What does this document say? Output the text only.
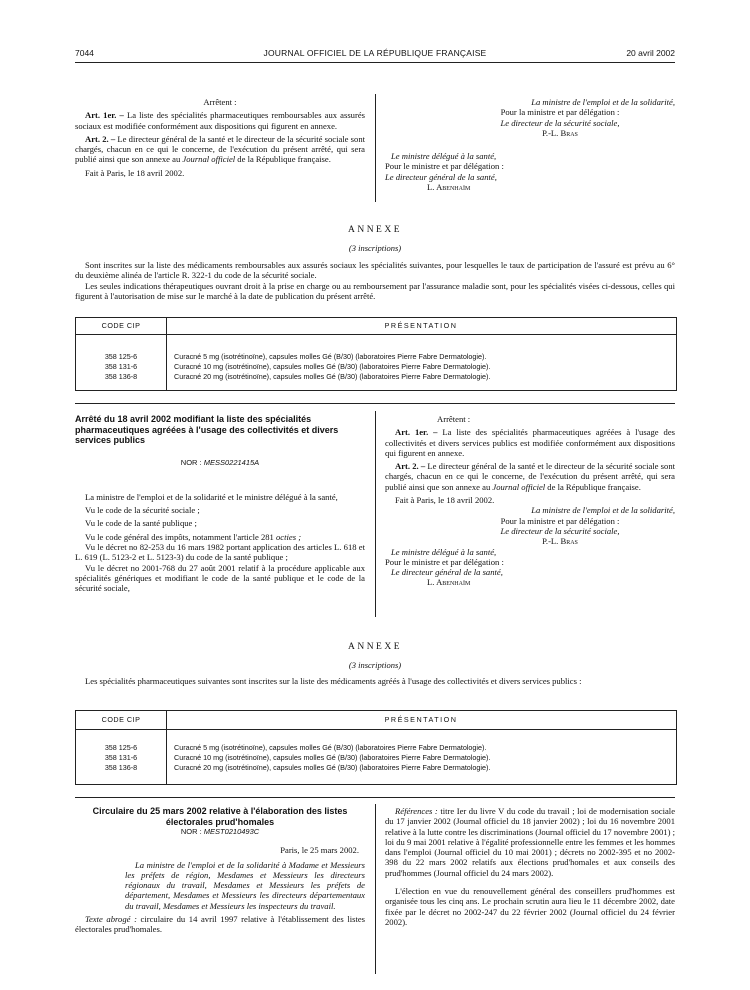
7044	JOURNAL OFFICIEL DE LA RÉPUBLIQUE FRANÇAISE	20 avril 2002

Arrêtent :

Art. 1er. – La liste des spécialités pharmaceutiques remboursables aux assurés sociaux est modifiée conformément aux dispositions qui figurent en annexe.

Art. 2. – Le directeur général de la santé et le directeur de la sécurité sociale sont chargés, chacun en ce qui le concerne, de l'exécution du présent arrêté, qui sera publié ainsi que son annexe au Journal officiel de la République française.

Fait à Paris, le 18 avril 2002.

La ministre de l'emploi et de la solidarité,

Pour la ministre et par délégation :

Le directeur de la sécurité sociale,

P.-L. Bras

Le ministre délégué à la santé,

Pour le ministre et par délégation :

Le directeur général de la santé,

L. Abenhaïm

ANNEXE
(3 inscriptions)

Sont inscrites sur la liste des médicaments remboursables aux assurés sociaux les spécialités suivantes, pour lesquelles le taux de participation de l'assuré est prévu au 6° du deuxième alinéa de l'article R. 322-1 du code de la sécurité sociale.

Les seules indications thérapeutiques ouvrant droit à la prise en charge ou au remboursement par l'assurance maladie sont, pour les spécialités visées ci-dessous, celles qui figurent à l'autorisation de mise sur le marché à la date de publication du présent arrêté.

CODE CIP	PRÉSENTATION
358 125-6	Curacné 5 mg (isotrétinoïne), capsules molles Gé (B/30) (laboratoires Pierre Fabre Dermatologie).
358 131-6	Curacné 10 mg (isotrétinoïne), capsules molles Gé (B/30) (laboratoires Pierre Fabre Dermatologie).
358 136-8	Curacné 20 mg (isotrétinoïne), capsules molles Gé (B/30) (laboratoires Pierre Fabre Dermatologie).
Arrêté du 18 avril 2002 modifiant la liste des spécialités pharmaceutiques agréées à l'usage des collectivités et divers services publics
NOR : MESS0221415A

La ministre de l'emploi et de la solidarité et le ministre délégué à la santé,

Vu le code de la sécurité sociale ;

Vu le code de la santé publique ;

Vu le code général des impôts, notamment l'article 281 octies ;

Vu le décret no 82-253 du 16 mars 1982 portant application des articles L. 618 et L. 619 (L. 5123-2 et L. 5123-3) du code de la santé publique ;

Vu le décret no 2001-768 du 27 août 2001 relatif à la procédure applicable aux spécialités génériques et modifiant le code de la santé publique et le code de la sécurité sociale,

Arrêtent :

Art. 1er. – La liste des spécialités pharmaceutiques agréées à l'usage des collectivités et divers services publics est modifiée conformément aux dispositions qui figurent en annexe.

Art. 2. – Le directeur général de la santé et le directeur de la sécurité sociale sont chargés, chacun en ce qui le concerne, de l'exécution du présent arrêté, qui sera publié ainsi que son annexe au Journal officiel de la République française.

Fait à Paris, le 18 avril 2002.

La ministre de l'emploi et de la solidarité,

Pour la ministre et par délégation :

Le directeur de la sécurité sociale,

P.-L. Bras

Le ministre délégué à la santé,

Pour le ministre et par délégation :

Le directeur général de la santé,

L. Abenhaïm

ANNEXE
(3 inscriptions)

Les spécialités pharmaceutiques suivantes sont inscrites sur la liste des médicaments agréés à l'usage des collectivités et divers services publics :

CODE CIP	PRÉSENTATION
358 125-6	Curacné 5 mg (isotrétinoïne), capsules molles Gé (B/30) (laboratoires Pierre Fabre Dermatologie).
358 131-6	Curacné 10 mg (isotrétinoïne), capsules molles Gé (B/30) (laboratoires Pierre Fabre Dermatologie).
358 136-8	Curacné 20 mg (isotrétinoïne), capsules molles Gé (B/30) (laboratoires Pierre Fabre Dermatologie).
Circulaire du 25 mars 2002 relative à l'élaboration des listes électorales prud'homales
NOR : MEST0210493C

Paris, le 25 mars 2002.

La ministre de l'emploi et de la solidarité à Madame et Messieurs les préfets de région, Mesdames et Messieurs les directeurs régionaux du travail, Mesdames et Messieurs les préfets de département, Mesdames et Messieurs les directeurs départementaux du travail, Mesdames et Messieurs les inspecteurs du travail.

Texte abrogé : circulaire du 14 avril 1997 relative à l'établissement des listes électorales prud'homales.

Références : titre Ier du livre V du code du travail ; loi de modernisation sociale du 17 janvier 2002 (Journal officiel du 18 janvier 2002) ; loi du 16 novembre 2001 relative à la lutte contre les discriminations (Journal officiel du 17 novembre 2001) ; loi du 9 mai 2001 relative à l'égalité professionnelle entre les femmes et les hommes dans l'emploi (Journal officiel du 10 mai 2001) ; décrets no 2002-395 et no 2002-398 du 22 mars 2002 relatifs aux élections prud'homales et aux conseils des prud'hommes (Journal officiel du 24 mars 2002).

L'élection en vue du renouvellement général des conseillers prud'hommes est organisée tous les cinq ans. Le prochain scrutin aura lieu le 11 décembre 2002, date fixée par le décret no 2002-247 du 22 février 2002 (Journal officiel du 24 février 2002).
